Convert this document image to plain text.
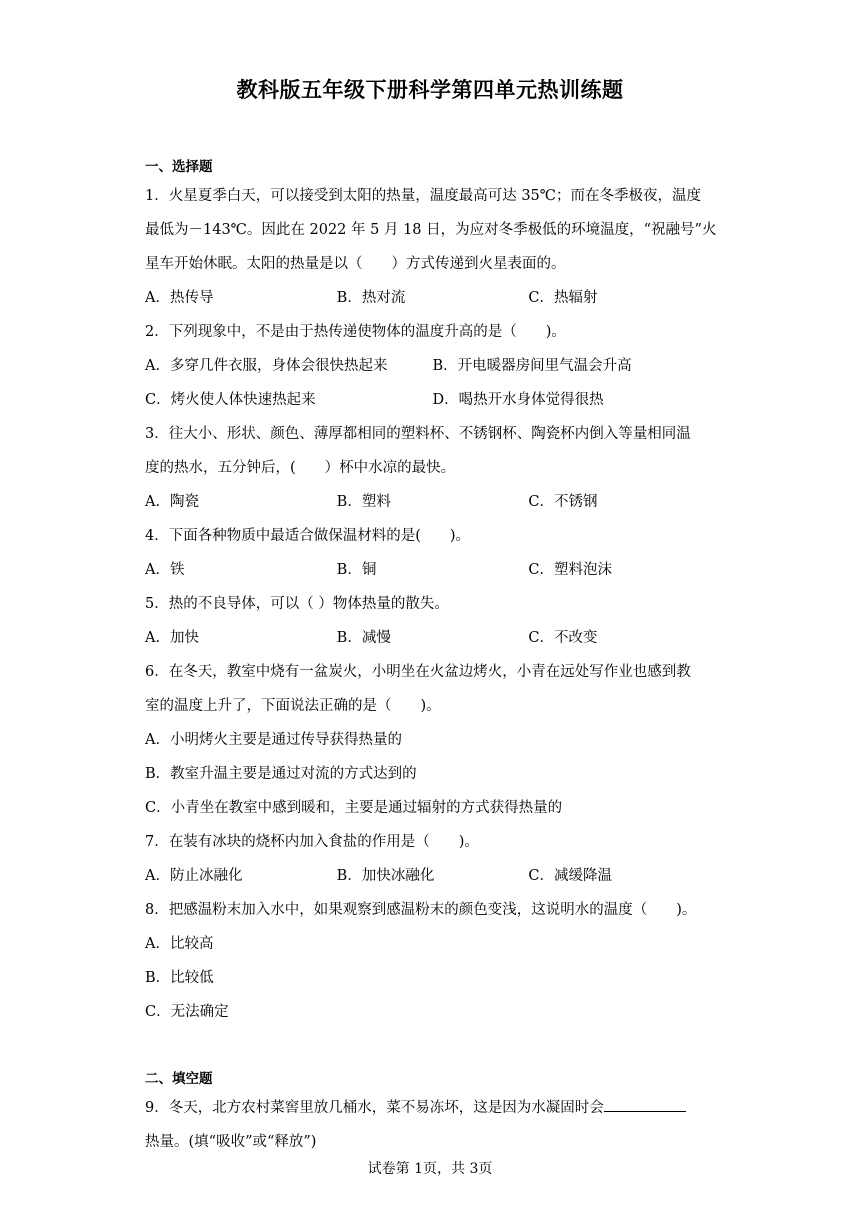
教科版五年级下册科学第四单元热训练题
一、选择题
1．火星夏季白天，可以接受到太阳的热量，温度最高可达 35℃；而在冬季极夜，温度
最低为－143℃。因此在 2022 年 5 月 18 日，为应对冬季极低的环境温度，“祝融号”火
星车开始休眠。太阳的热量是以（　　）方式传递到火星表面的。
A．热传导	B．热对流	C．热辐射
2．下列现象中，不是由于热传递使物体的温度升高的是（　　)。
A．多穿几件衣服，身体会很快热起来	B．开电暖器房间里气温会升高
C．烤火使人体快速热起来	D．喝热开水身体觉得很热
3．往大小、形状、颜色、薄厚都相同的塑料杯、不锈钢杯、陶瓷杯内倒入等量相同温
度的热水，五分钟后，(　　）杯中水凉的最快。
A．陶瓷	B．塑料	C．不锈钢
4．下面各种物质中最适合做保温材料的是(　　)。
A．铁	B．铜	C．塑料泡沫
5．热的不良导体，可以（ ）物体热量的散失。
A．加快	B．减慢	C．不改变
6．在冬天，教室中烧有一盆炭火，小明坐在火盆边烤火，小青在远处写作业也感到教
室的温度上升了，下面说法正确的是（　　)。
A．小明烤火主要是通过传导获得热量的
B．教室升温主要是通过对流的方式达到的
C．小青坐在教室中感到暖和，主要是通过辐射的方式获得热量的
7．在装有冰块的烧杯内加入食盐的作用是（　　)。
A．防止冰融化	B．加快冰融化	C．减缓降温
8．把感温粉末加入水中，如果观察到感温粉末的颜色变浅，这说明水的温度（　　)。
A．比较高
B．比较低
C．无法确定
二、填空题
9．冬天，北方农村菜窖里放几桶水，菜不易冻坏，这是因为水凝固时会
热量。(填“吸收”或“释放”)
试卷第 1页，共 3页
